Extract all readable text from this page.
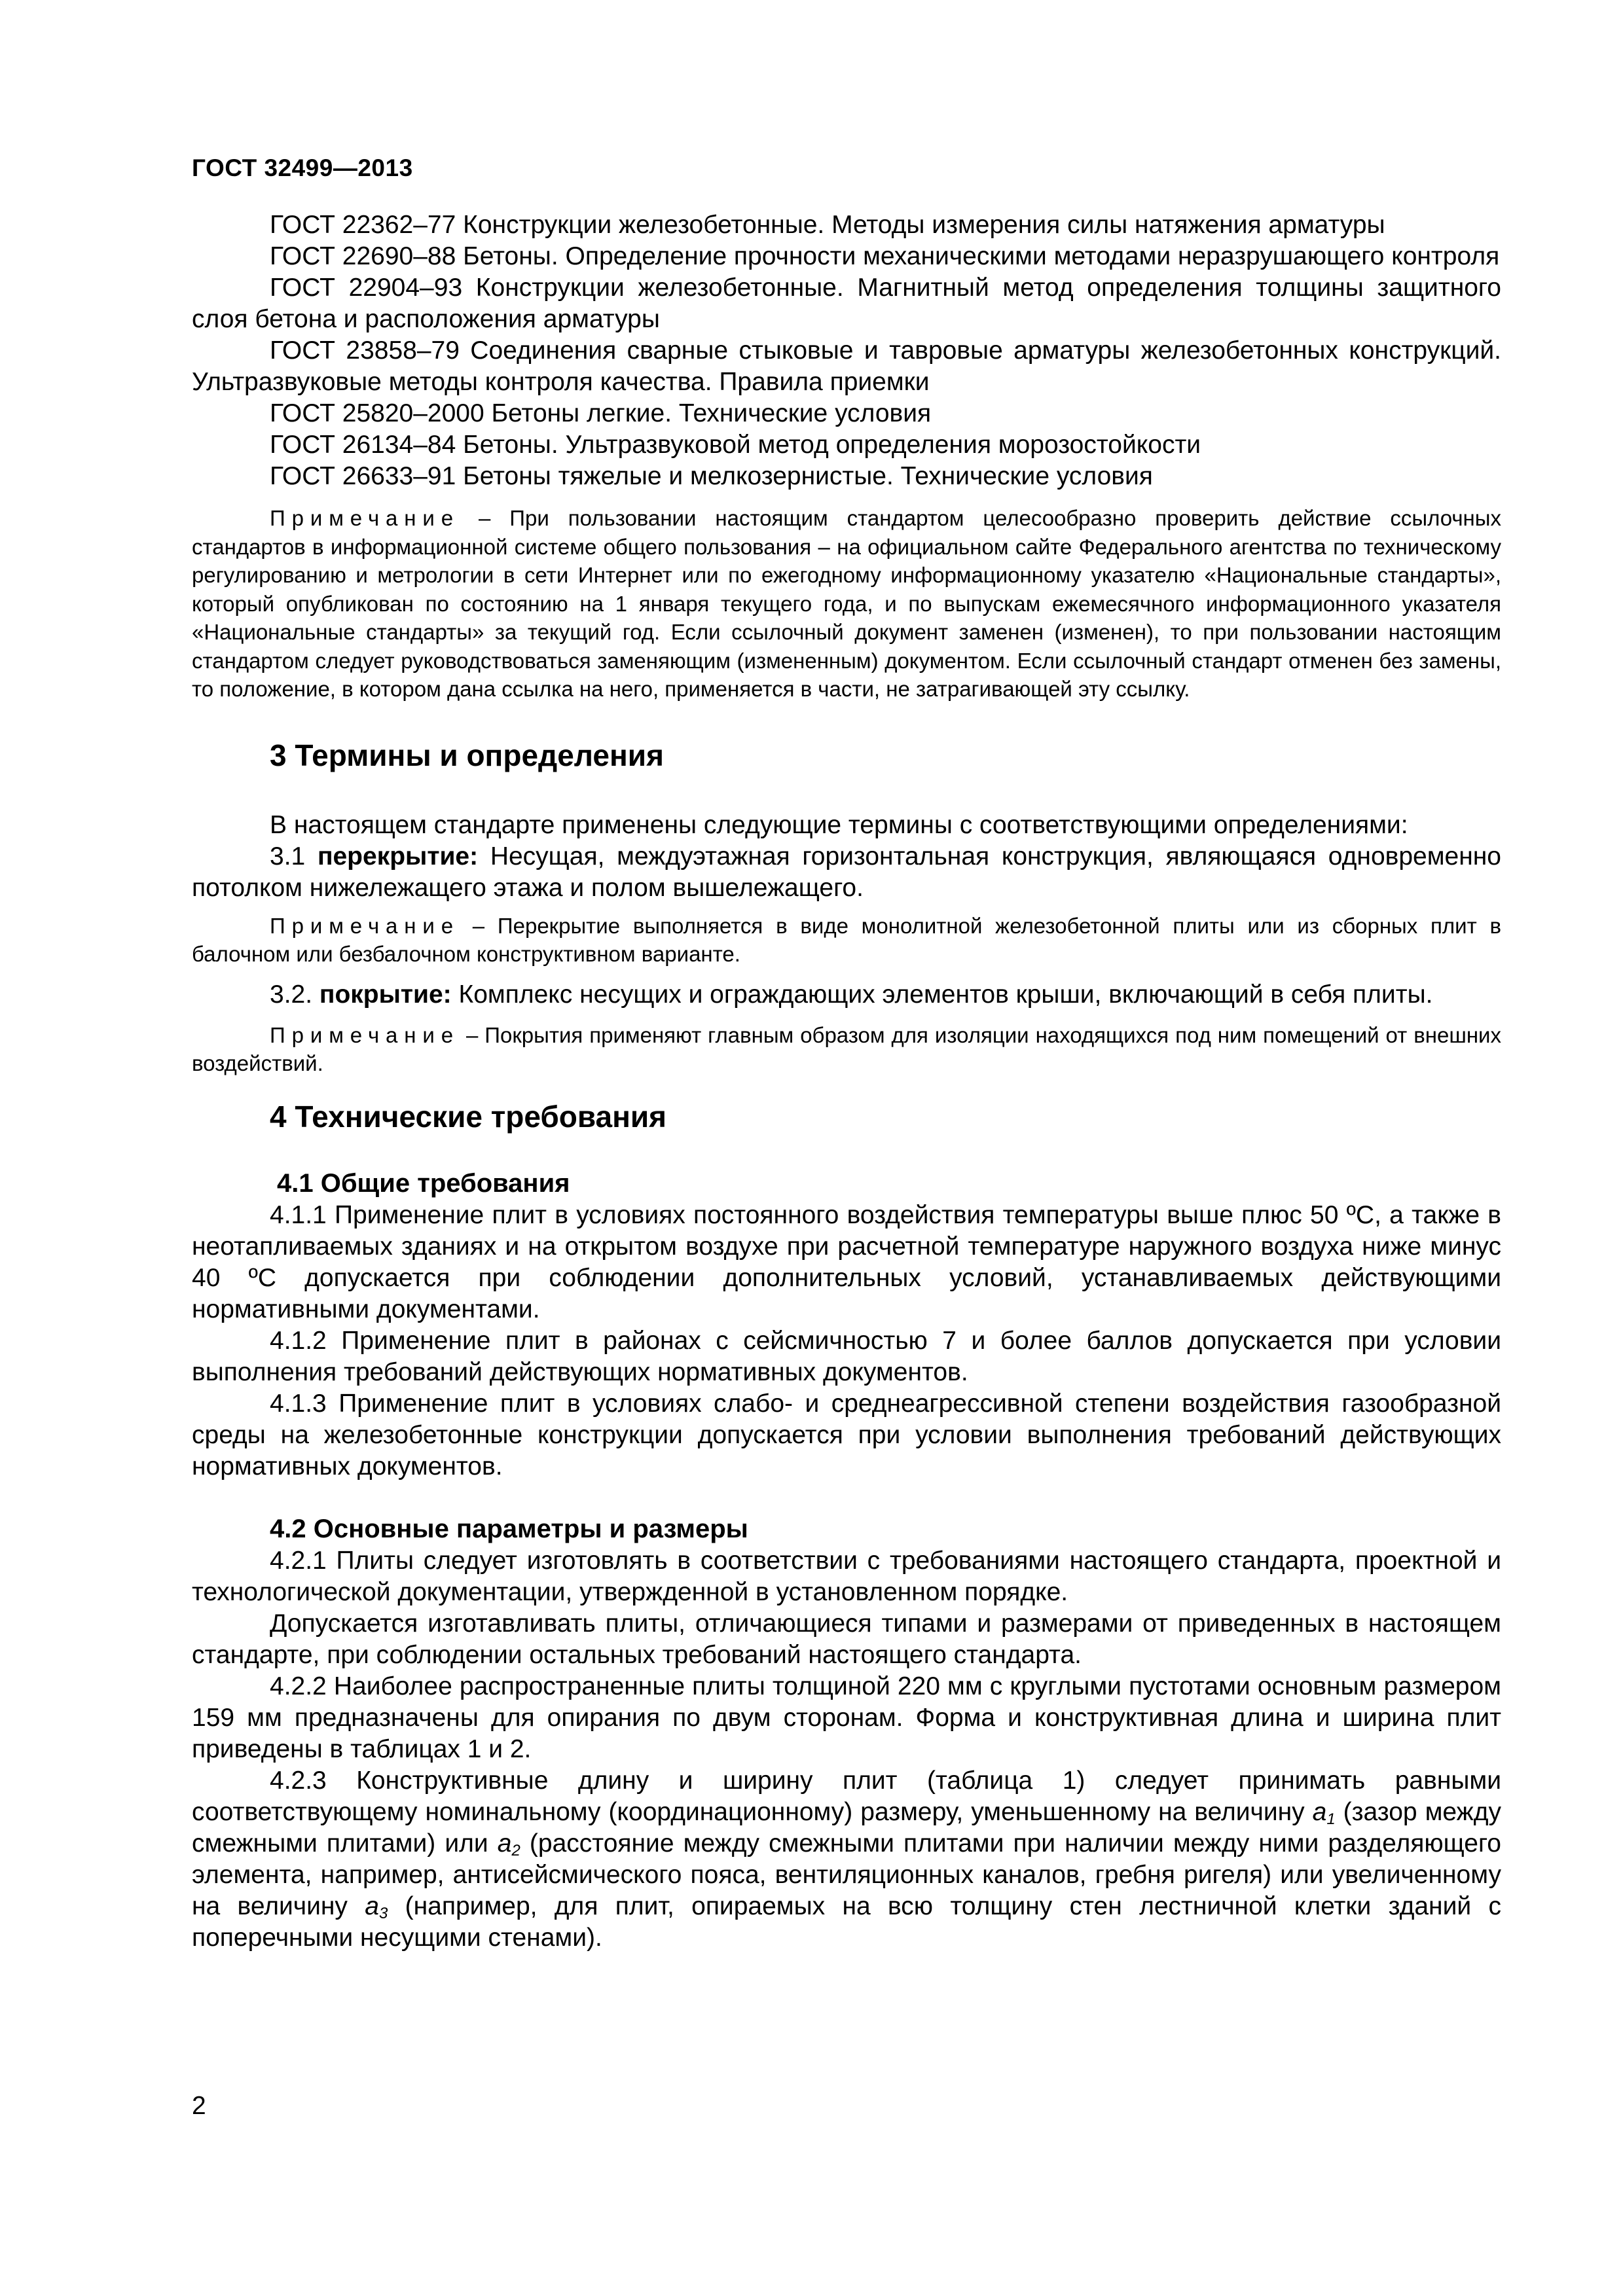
ГОСТ 32499—2013

ГОСТ 22362–77 Конструкции железобетонные. Методы измерения силы натяжения арматуры

ГОСТ 22690–88 Бетоны. Определение прочности механическими методами неразрушающего контроля

ГОСТ 22904–93 Конструкции железобетонные. Магнитный метод определения толщины защитного слоя бетона и расположения арматуры

ГОСТ 23858–79 Соединения сварные стыковые и тавровые арматуры железобетонных конструкций. Ультразвуковые методы контроля качества. Правила приемки

ГОСТ 25820–2000 Бетоны легкие. Технические условия

ГОСТ 26134–84 Бетоны. Ультразвуковой метод определения морозостойкости

ГОСТ 26633–91 Бетоны тяжелые и мелкозернистые. Технические условия

Примечание – При пользовании настоящим стандартом целесообразно проверить действие ссылочных стандартов в информационной системе общего пользования – на официальном сайте Федерального агентства по техническому регулированию и метрологии в сети Интернет или по ежегодному информационному указателю «Национальные стандарты», который опубликован по состоянию на 1 января текущего года, и по выпускам ежемесячного информационного указателя «Национальные стандарты» за текущий год. Если ссылочный документ заменен (изменен), то при пользовании настоящим стандартом следует руководствоваться заменяющим (измененным) документом. Если ссылочный стандарт отменен без замены, то положение, в котором дана ссылка на него, применяется в части, не затрагивающей эту ссылку.

3 Термины и определения

В настоящем стандарте применены следующие термины с соответствующими определениями:

3.1 перекрытие: Несущая, междуэтажная горизонтальная конструкция, являющаяся одновременно потолком нижележащего этажа и полом вышележащего.

Примечание – Перекрытие выполняется в виде монолитной железобетонной плиты или из сборных плит в балочном или безбалочном конструктивном варианте.

3.2. покрытие: Комплекс несущих и ограждающих элементов крыши, включающий в себя плиты.

Примечание – Покрытия применяют главным образом для изоляции находящихся под ним помещений от внешних воздействий.

4 Технические требования
4.1 Общие требования

4.1.1 Применение плит в условиях постоянного воздействия температуры выше плюс 50 ºС, а также в неотапливаемых зданиях и на открытом воздухе при расчетной температуре наружного воздуха ниже минус 40 ºС допускается при соблюдении дополнительных условий, устанавливаемых действующими нормативными документами.

4.1.2 Применение плит в районах с сейсмичностью 7 и более баллов допускается при условии выполнения требований действующих нормативных документов.

4.1.3 Применение плит в условиях слабо- и среднеагрессивной степени воздействия газообразной среды на железобетонные конструкции допускается при условии выполнения требований действующих нормативных документов.

4.2 Основные параметры и размеры

4.2.1 Плиты следует изготовлять в соответствии с требованиями настоящего стандарта, проектной и технологической документации, утвержденной в установленном порядке.

Допускается изготавливать плиты, отличающиеся типами и размерами от приведенных в настоящем стандарте, при соблюдении остальных требований настоящего стандарта.

4.2.2 Наиболее распространенные плиты толщиной 220 мм с круглыми пустотами основным размером 159 мм предназначены для опирания по двум сторонам. Форма и конструктивная длина и ширина плит приведены в таблицах 1 и 2.

4.2.3 Конструктивные длину и ширину плит (таблица 1) следует принимать равными соответствующему номинальному (координационному) размеру, уменьшенному на величину $a_1$ (зазор между смежными плитами) или $a_2$ (расстояние между смежными плитами при наличии между ними разделяющего элемента, например, антисейсмического пояса, вентиляционных каналов, гребня ригеля) или увеличенному на величину $a_3$ (например, для плит, опираемых на всю толщину стен лестничной клетки зданий с поперечными несущими стенами).

2
